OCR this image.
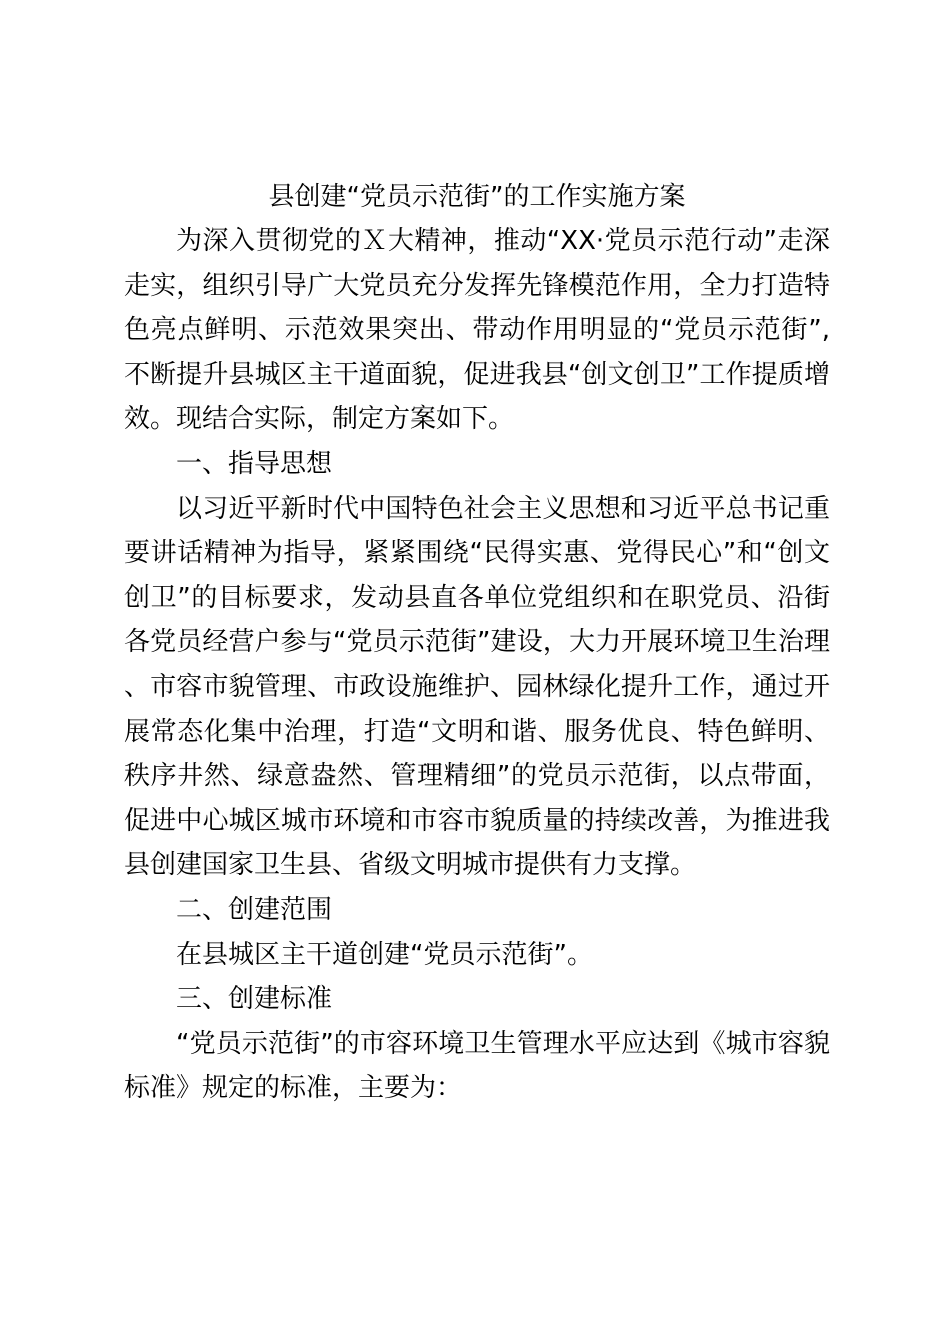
县创建“党员示范街”的工作实施方案

为深入贯彻党的Ｘ大精神，推动“XX·党员示范行动”走深走实，组织引导广大党员充分发挥先锋模范作用，全力打造特色亮点鲜明、示范效果突出、带动作用明显的“党员示范街”,不断提升县城区主干道面貌，促进我县“创文创卫”工作提质增效。现结合实际，制定方案如下。

一、指导思想

以习近平新时代中国特色社会主义思想和习近平总书记重要讲话精神为指导，紧紧围绕“民得实惠、党得民心”和“创文创卫”的目标要求，发动县直各单位党组织和在职党员、沿街各党员经营户参与“党员示范街”建设，大力开展环境卫生治理、市容市貌管理、市政设施维护、园林绿化提升工作，通过开展常态化集中治理，打造“文明和谐、服务优良、特色鲜明、秩序井然、绿意盎然、管理精细”的党员示范街，以点带面，促进中心城区城市环境和市容市貌质量的持续改善，为推进我县创建国家卫生县、省级文明城市提供有力支撑。

二、创建范围

在县城区主干道创建“党员示范街”。

三、创建标准

“党员示范街”的市容环境卫生管理水平应达到《城市容貌标准》规定的标准，主要为：
